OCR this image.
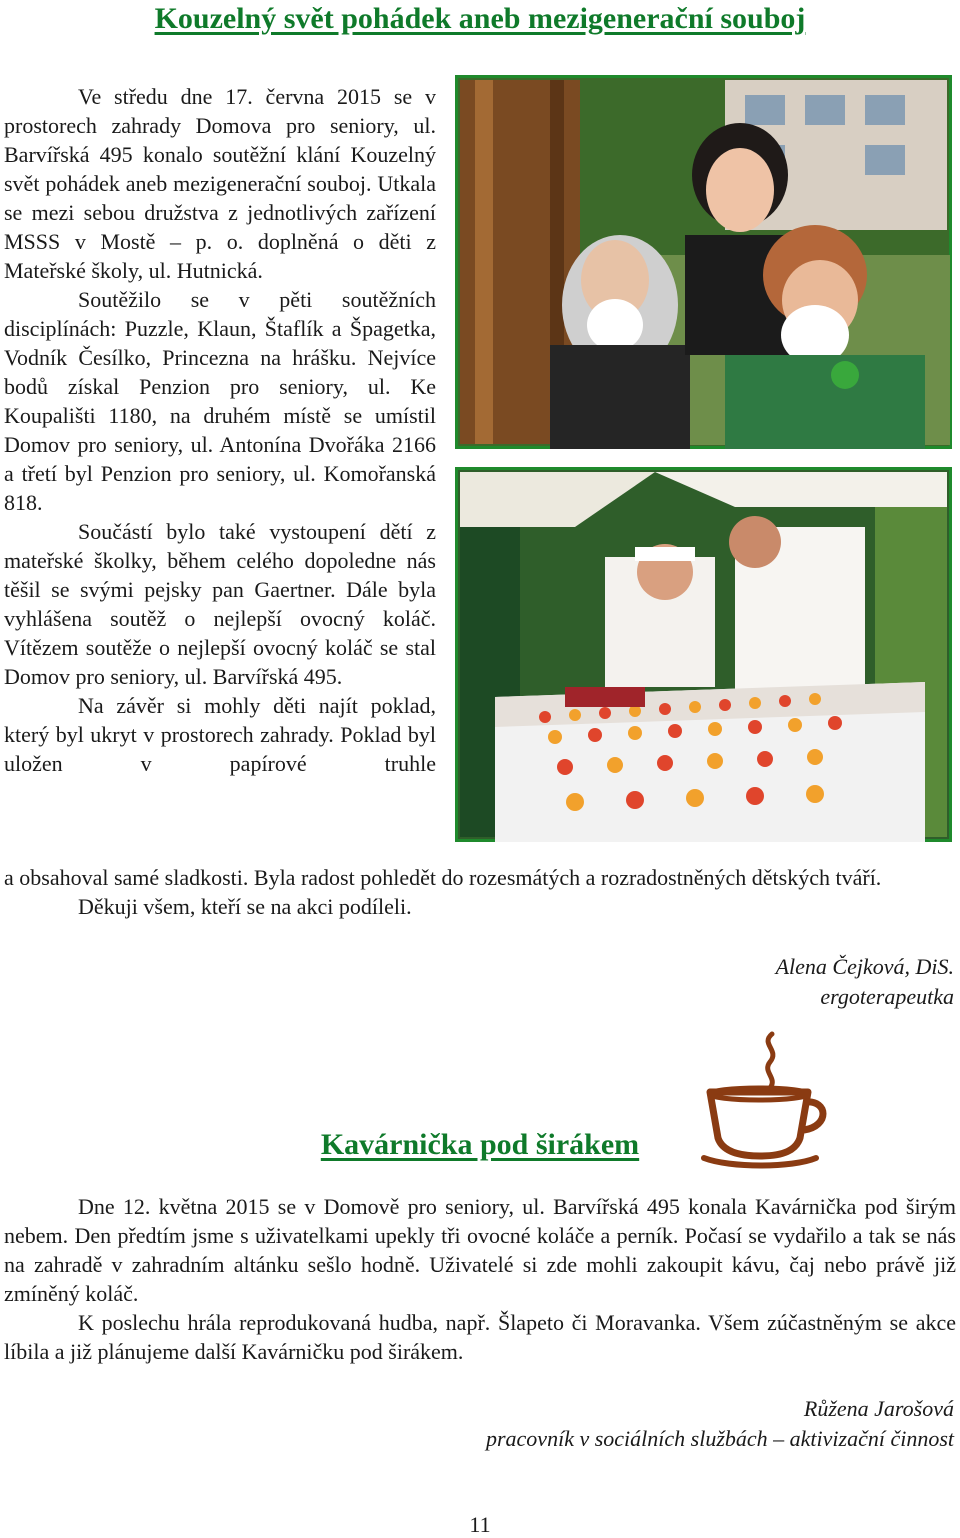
Kouzelný svět pohádek aneb mezigenerační souboj

Ve středu dne 17. června 2015 se v prostorech zahrady Domova pro seniory, ul. Barvířská 495 konalo soutěžní klání Kouzelný svět pohádek aneb mezigenerační souboj. Utkala se mezi sebou družstva z jednotlivých zařízení MSSS v Mostě – p. o. doplněná o děti z Mateřské školy, ul. Hutnická.

Soutěžilo se v pěti soutěžních disciplínách: Puzzle, Klaun, Štaflík a Špagetka, Vodník Česílko, Princezna na hrášku. Nejvíce bodů získal Penzion pro seniory, ul. Ke Koupališti 1180, na druhém místě se umístil Domov pro seniory, ul. Antonína Dvořáka 2166 a třetí byl Penzion pro seniory, ul. Komořanská 818.

Součástí bylo také vystoupení dětí z mateřské školky, během celého dopoledne nás těšil se svými pejsky pan Gaertner. Dále byla vyhlášena soutěž o nejlepší ovocný koláč. Vítězem soutěže o nejlepší ovocný koláč se stal Domov pro seniory, ul. Barvířská 495.

Na závěr si mohly děti najít poklad, který byl ukryt v prostorech zahrady. Poklad byl uložen v papírové truhle

a obsahoval samé sladkosti. Byla radost pohledět do rozesmátých a rozradostněných dětských tváří.

Děkuji všem, kteří se na akci podíleli.

Alena Čejková, DiS.
ergoterapeutka
Kavárnička pod širákem

Dne 12. května 2015 se v Domově pro seniory, ul. Barvířská 495 konala Kavárnička pod širým nebem. Den předtím jsme s uživatelkami upekly tři ovocné koláče a perník. Počasí se vydařilo a tak se nás na zahradě v zahradním altánku sešlo hodně. Uživatelé si zde mohli zakoupit kávu, čaj nebo právě již zmíněný koláč.

K poslechu hrála reprodukovaná hudba, např. Šlapeto či Moravanka. Všem zúčastněným se akce líbila a již plánujeme další Kavárničku pod širákem.

Růžena Jarošová
pracovník v sociálních službách – aktivizační činnost
11
